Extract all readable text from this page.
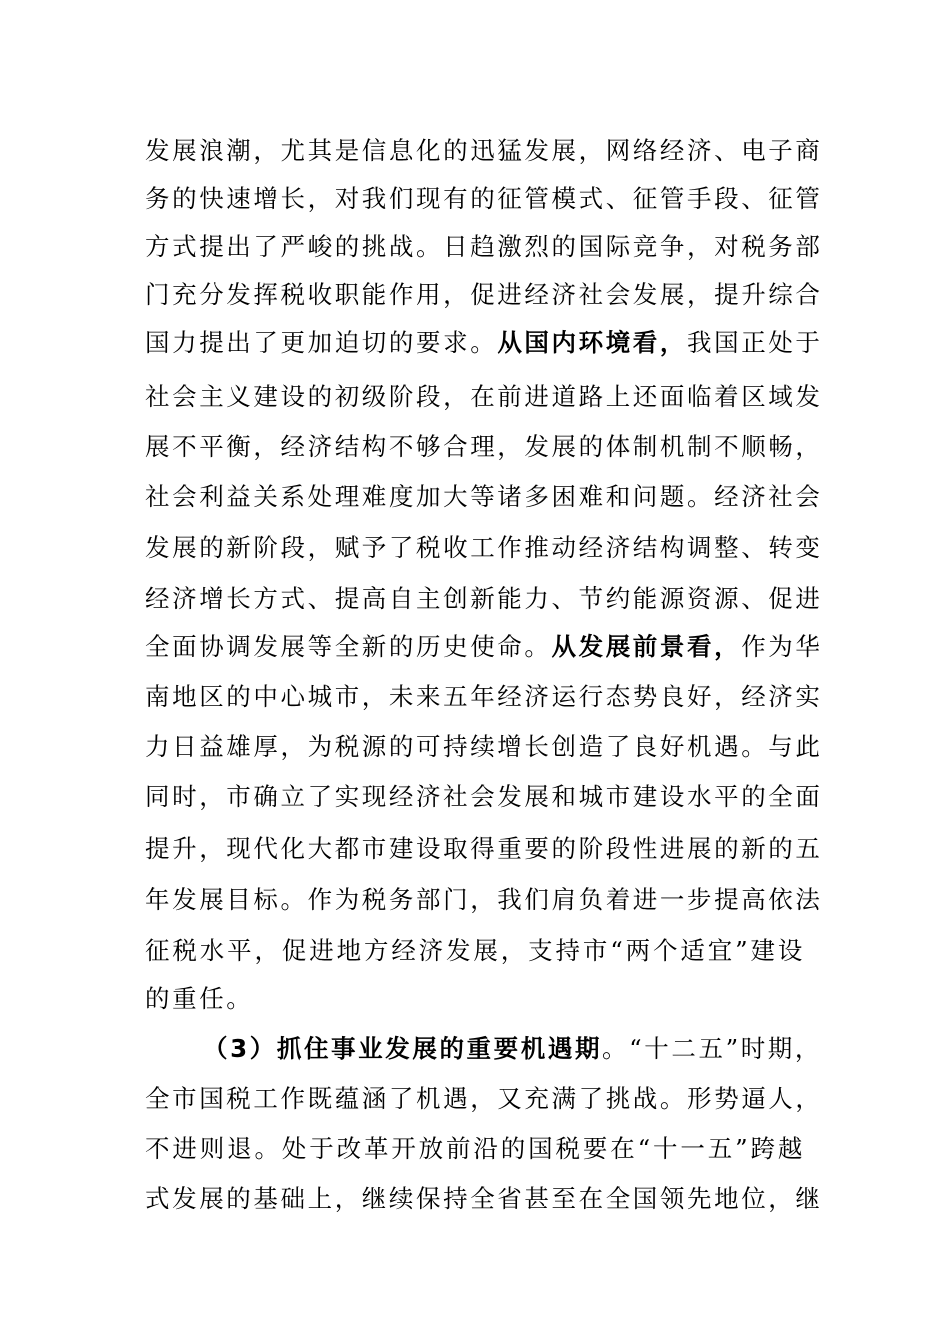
发展浪潮，尤其是信息化的迅猛发展，网络经济、电子商
务的快速增长，对我们现有的征管模式、征管手段、征管
方式提出了严峻的挑战。日趋激烈的国际竞争，对税务部
门充分发挥税收职能作用，促进经济社会发展，提升综合
国力提出了更加迫切的要求。从国内环境看，我国正处于
社会主义建设的初级阶段，在前进道路上还面临着区域发
展不平衡，经济结构不够合理，发展的体制机制不顺畅，
社会利益关系处理难度加大等诸多困难和问题。经济社会
发展的新阶段，赋予了税收工作推动经济结构调整、转变
经济增长方式、提高自主创新能力、节约能源资源、促进
全面协调发展等全新的历史使命。从发展前景看，作为华
南地区的中心城市，未来五年经济运行态势良好，经济实
力日益雄厚，为税源的可持续增长创造了良好机遇。与此
同时，市确立了实现经济社会发展和城市建设水平的全面
提升，现代化大都市建设取得重要的阶段性进展的新的五
年发展目标。作为税务部门，我们肩负着进一步提高依法
征税水平，促进地方经济发展，支持市“两个适宜”建设
的重任。
（3）抓住事业发展的重要机遇期。“十二五”时期，
全市国税工作既蕴涵了机遇，又充满了挑战。形势逼人，
不进则退。处于改革开放前沿的国税要在“十一五”跨越
式发展的基础上，继续保持全省甚至在全国领先地位，继
